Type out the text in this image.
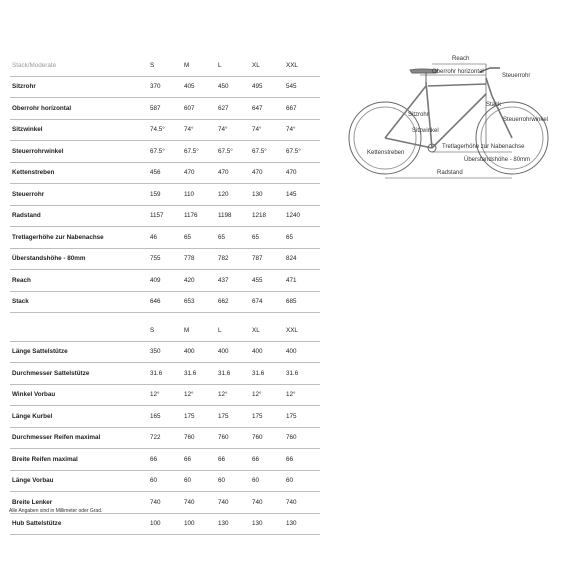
Stack/Moderate	S	M	L	XL	XXL
Sitzrohr	370	405	450	495	545
Oberrohr horizontal	587	607	627	647	667
Sitzwinkel	74.5°	74°	74°	74°	74°
Steuerrohrwinkel	67.5°	67.5°	67.5°	67.5°	67.5°
Kettenstreben	456	470	470	470	470
Steuerrohr	159	110	120	130	145
Radstand	1157	1176	1198	1218	1240
Tretlagerhöhe zur Nabenachse	46	65	65	65	65
Überstandshöhe - 80mm	755	778	782	787	824
Reach	409	420	437	455	471
Stack	646	653	662	674	685
	S	M	L	XL	XXL
Länge Sattelstütze	350	400	400	400	400
Durchmesser Sattelstütze	31.6	31.6	31.6	31.6	31.6
Winkel Vorbau	12°	12°	12°	12°	12°
Länge Kurbel	165	175	175	175	175
Durchmesser Reifen maximal	722	760	760	760	760
Breite Reifen maximal	66	66	66	66	66
Länge Vorbau	60	60	60	60	60
Breite Lenker	740	740	740	740	740
Hub Sattelstütze	100	100	130	130	130
Alle Angaben sind in Millimeter oder Grad.
Reach
Oberrohr horizontal
Steuerrohr
Stack
Sitzrohr
Steuerrohrwinkel
Sitzwinkel
Kettenstreben
Tretlagerhöhe zur Nabenachse
Überstandshöhe - 80mm
Radstand
